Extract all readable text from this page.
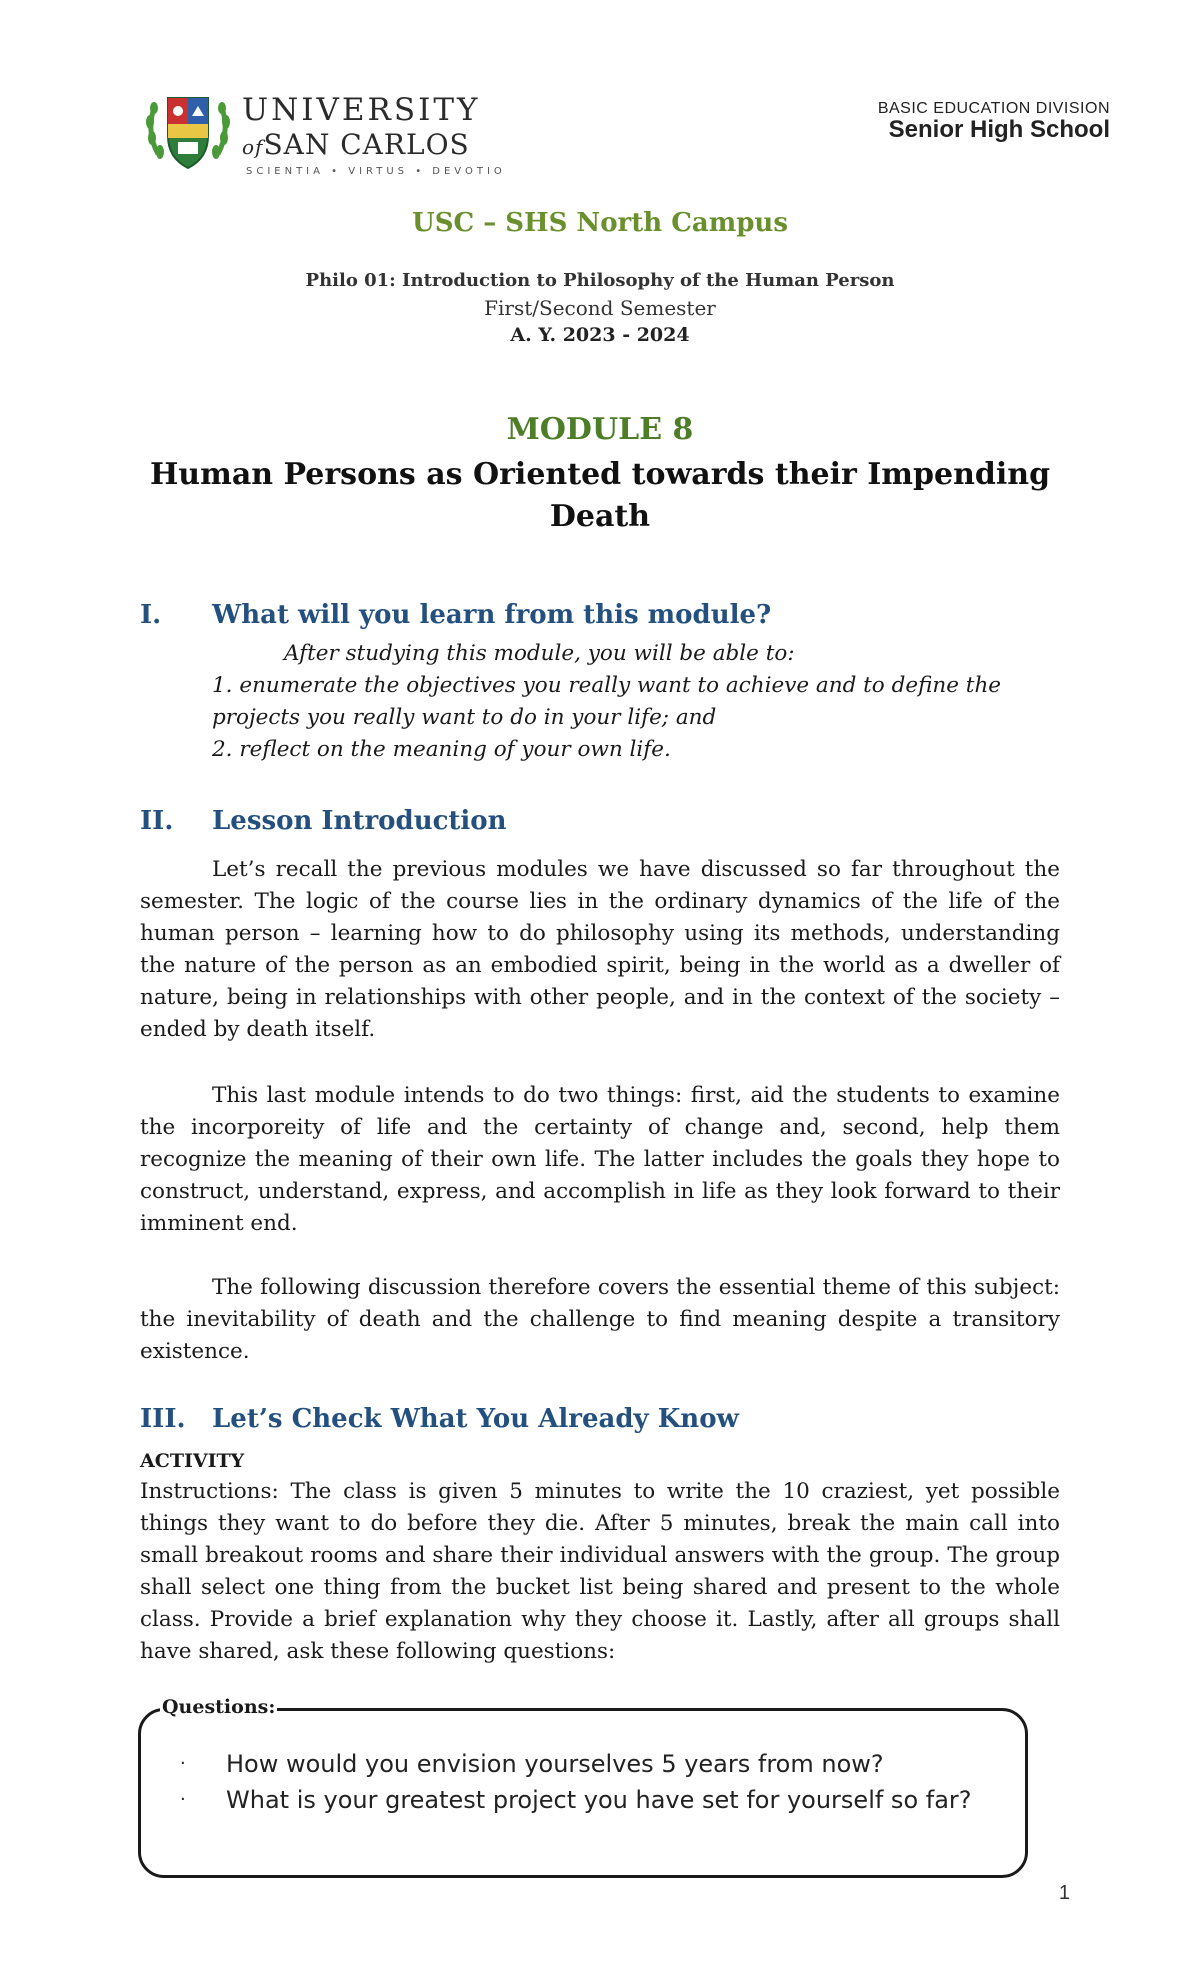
UNIVERSITY
ofSAN CARLOS
SCIENTIA • VIRTUS • DEVOTIO
BASIC EDUCATION DIVISION
Senior High School
USC – SHS North Campus
Philo 01: Introduction to Philosophy of the Human Person
First/Second Semester
A. Y. 2023 - 2024
MODULE 8
Human Persons as Oriented towards their Impending
Death
I. What will you learn from this module?
After studying this module, you will be able to:
1. enumerate the objectives you really want to achieve and to define the projects you really want to do in your life; and
2. reflect on the meaning of your own life.
II. Lesson Introduction
Let’s recall the previous modules we have discussed so far throughout the semester. The logic of the course lies in the ordinary dynamics of the life of the human person – learning how to do philosophy using its methods, understanding the nature of the person as an embodied spirit, being in the world as a dweller of nature, being in relationships with other people, and in the context of the society – ended by death itself.
This last module intends to do two things: first, aid the students to examine the incorporeity of life and the certainty of change and, second, help them recognize the meaning of their own life. The latter includes the goals they hope to construct, understand, express, and accomplish in life as they look forward to their imminent end.
The following discussion therefore covers the essential theme of this subject: the inevitability of death and the challenge to find meaning despite a transitory existence.
III. Let’s Check What You Already Know
ACTIVITY
Instructions: The class is given 5 minutes to write the 10 craziest, yet possible things they want to do before they die. After 5 minutes, break the main call into small breakout rooms and share their individual answers with the group. The group shall select one thing from the bucket list being shared and present to the whole class. Provide a brief explanation why they choose it. Lastly, after all groups shall have shared, ask these following questions:
Questions:
·	How would you envision yourselves 5 years from now?
·	What is your greatest project you have set for yourself so far?
1
